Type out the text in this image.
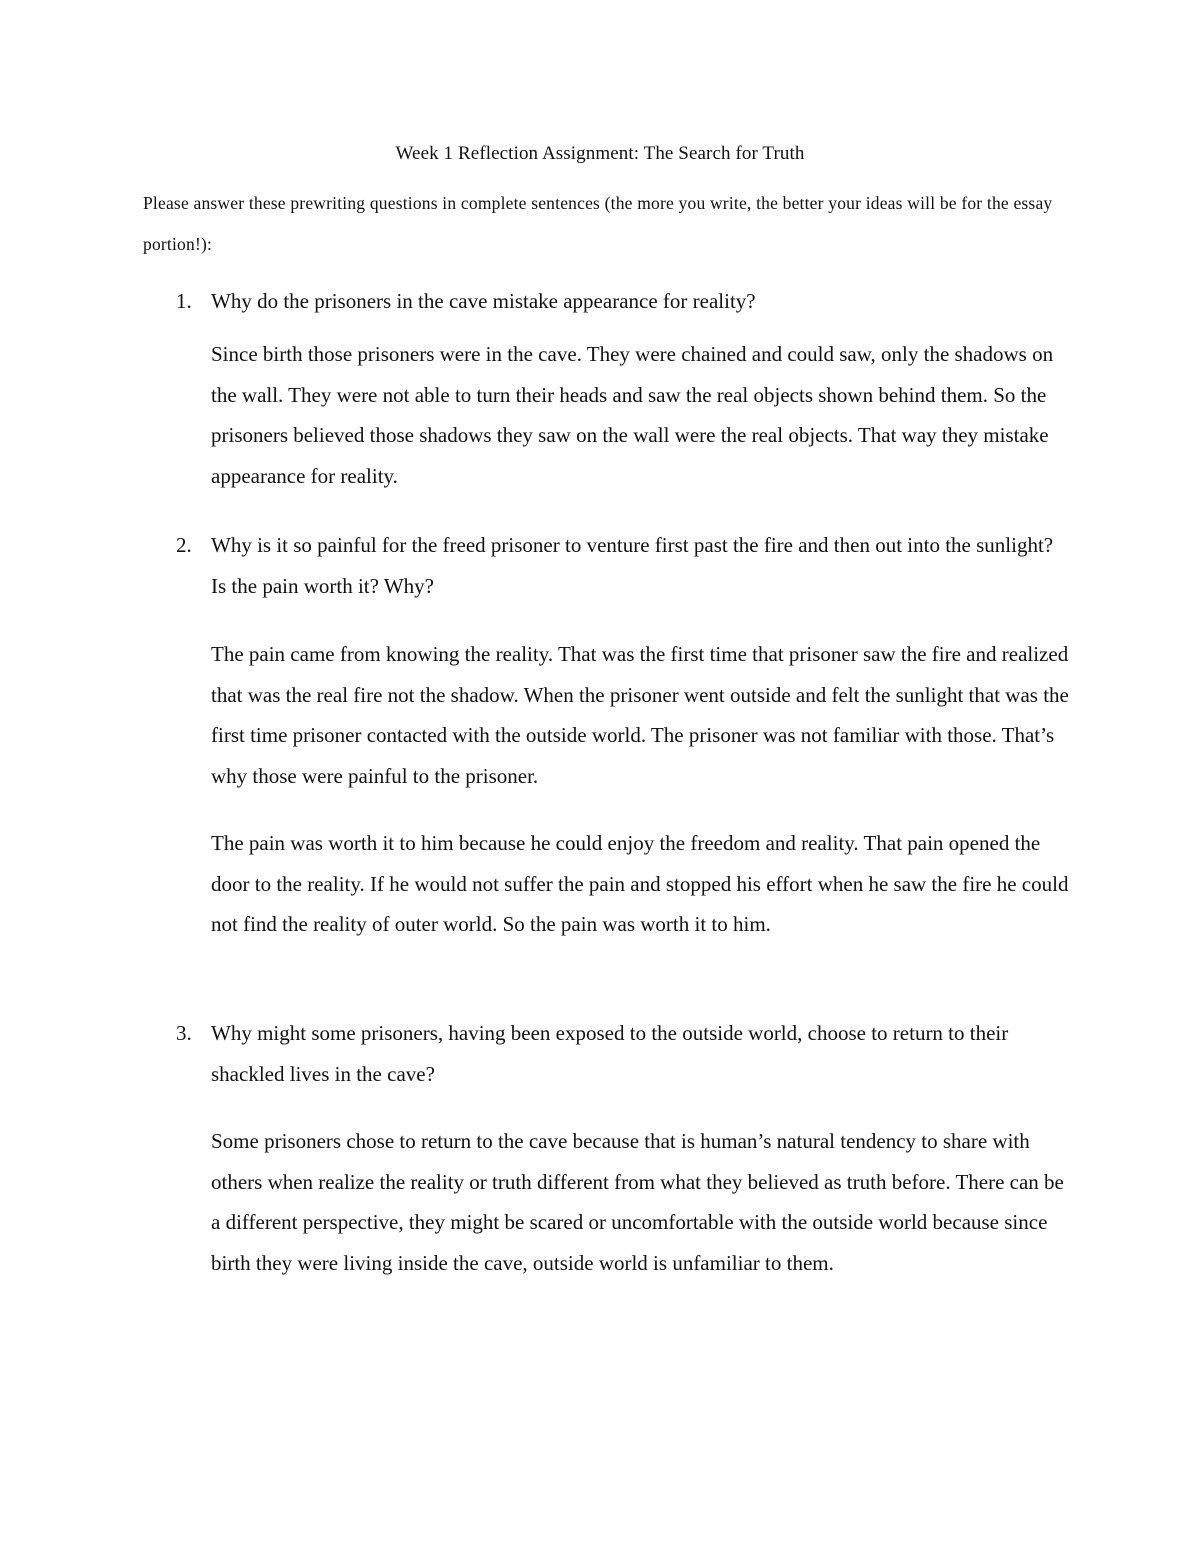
Week 1 Reflection Assignment: The Search for Truth
Please answer these prewriting questions in complete sentences (the more you write, the better your ideas will be for the essay portion!):
1. Why do the prisoners in the cave mistake appearance for reality?
Since birth those prisoners were in the cave. They were chained and could saw, only the shadows on the wall. They were not able to turn their heads and saw the real objects shown behind them. So the prisoners believed those shadows they saw on the wall were the real objects. That way they mistake appearance for reality.
2. Why is it so painful for the freed prisoner to venture first past the fire and then out into the sunlight? Is the pain worth it? Why?
The pain came from knowing the reality. That was the first time that prisoner saw the fire and realized that was the real fire not the shadow. When the prisoner went outside and felt the sunlight that was the first time prisoner contacted with the outside world. The prisoner was not familiar with those. That’s why those were painful to the prisoner.
The pain was worth it to him because he could enjoy the freedom and reality. That pain opened the door to the reality. If he would not suffer the pain and stopped his effort when he saw the fire he could not find the reality of outer world. So the pain was worth it to him.
3. Why might some prisoners, having been exposed to the outside world, choose to return to their shackled lives in the cave?
Some prisoners chose to return to the cave because that is human’s natural tendency to share with others when realize the reality or truth different from what they believed as truth before. There can be a different perspective, they might be scared or uncomfortable with the outside world because since birth they were living inside the cave, outside world is unfamiliar to them.
